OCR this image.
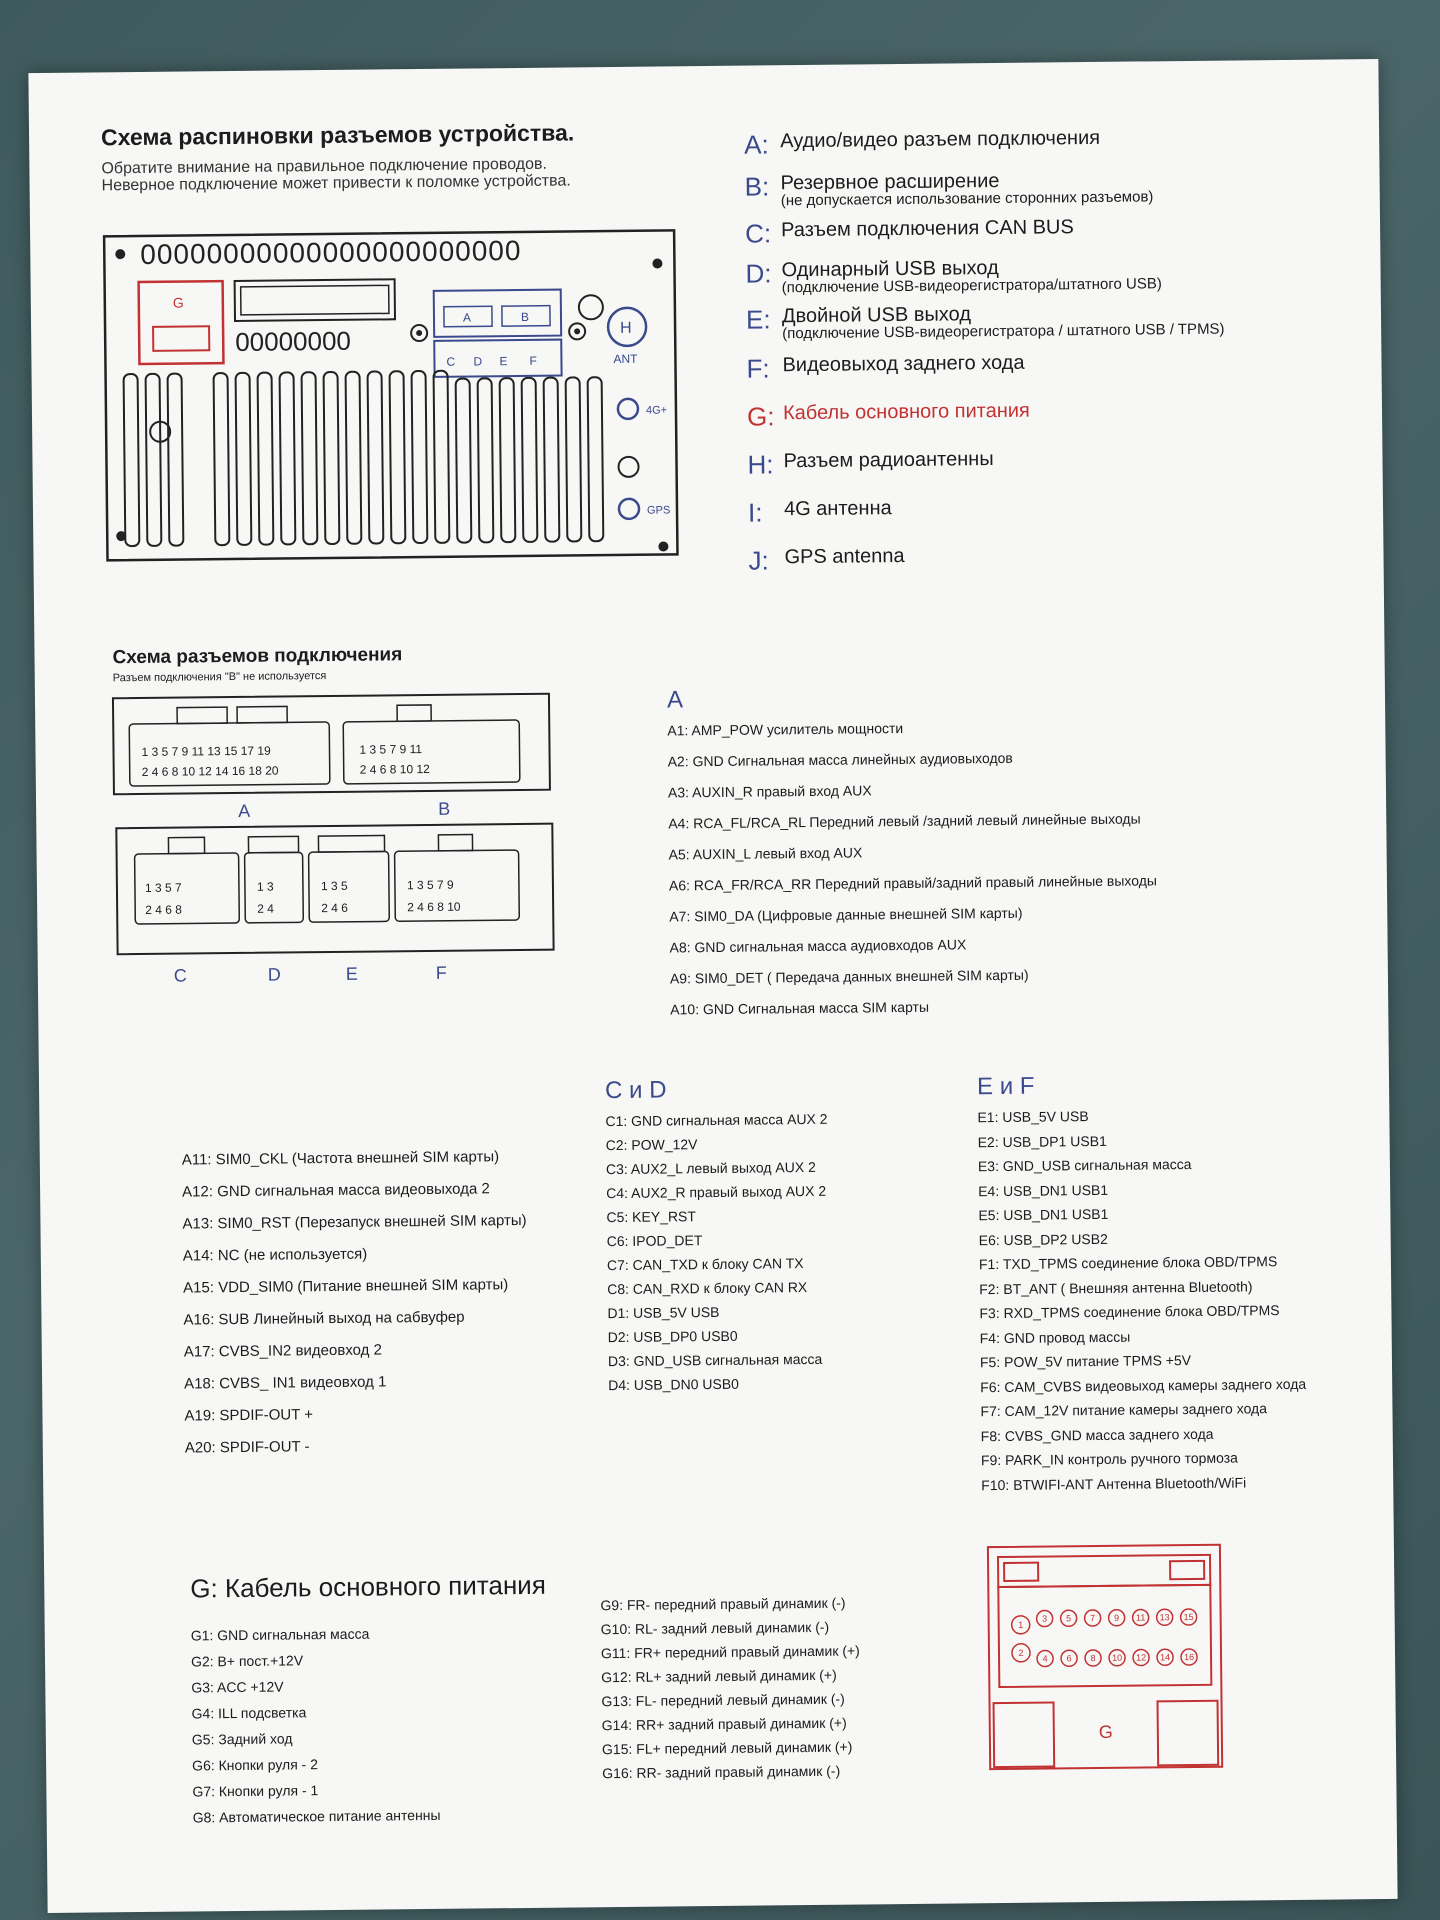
Схема распиновки разъемов устройства.
Обратите внимание на правильное подключение проводов.
Неверное подключение может привести к поломке устройства.
00000000000000000000000
G
00000000
A	B
C D E F
H
ANT
4G+
GPS
A: Аудио/видео разъем подключения
B: Резервное расширение
(не допускается использование сторонних разъемов)
C: Разъем подключения CAN BUS
D: Одинарный USB выход
(подключение USB-видеорегистратора/штатного USB)
E: Двойной USB выход
(подключение USB-видеорегистратора / штатного USB / TPMS)
F: Видеовыход заднего хода
G: Кабель основного питания
H: Разъем радиоантенны
I:	4G антенна
J: GPS antenna
Схема разъемов подключения
Разъем подключения "B" не используется
1 3 5 7 9 11 13 15 17 19
2 4 6 8 10 12 14 16 18 20
1 3 5 7 9 11
2 4 6 8 10 12
A	B
1 3 5 7
2 4 6 8
1 3
2 4
1 3 5
2 4 6
1 3 5 7 9
2 4 6 8 10
C	D	E	F
A
A1: AMP_POW усилитель мощности
A2: GND Сигнальная масса линейных аудиовыходов
A3: AUXIN_R правый вход AUX
A4: RCA_FL/RCA_RL Передний левый /задний левый линейные выходы
A5: AUXIN_L левый вход AUX
A6: RCA_FR/RCA_RR Передний правый/задний правый линейные выходы
A7: SIM0_DA (Цифровые данные внешней SIM карты)
A8: GND сигнальная масса аудиовходов AUX
A9: SIM0_DET ( Передача данных внешней SIM карты)
A10: GND Сигнальная масса SIM карты
A11: SIM0_CKL (Частота внешней SIM карты)
A12: GND сигнальная масса видеовыхода 2
A13: SIM0_RST (Перезапуск внешней SIM карты)
A14: NC (не используется)
A15: VDD_SIM0 (Питание внешней SIM карты)
A16: SUB Линейный выход на сабвуфер
A17: CVBS_IN2 видеовход 2
A18: CVBS_ IN1 видеовход 1
A19: SPDIF-OUT +
A20: SPDIF-OUT -
C и D
C1: GND сигнальная масса AUX 2
C2: POW_12V
C3: AUX2_L левый выход AUX 2
C4: AUX2_R правый выход AUX 2
C5: KEY_RST
C6: IPOD_DET
C7: CAN_TXD к блоку CAN TX
C8: CAN_RXD к блоку CAN RX
D1: USB_5V USB
D2: USB_DP0 USB0
D3: GND_USB сигнальная масса
D4: USB_DN0 USB0
E и F
E1: USB_5V USB
E2: USB_DP1 USB1
E3: GND_USB сигнальная масса
E4: USB_DN1 USB1
E5: USB_DN1 USB1
E6: USB_DP2 USB2
F1: TXD_TPMS соединение блока OBD/TPMS
F2: BT_ANT ( Внешняя антенна Bluetooth)
F3: RXD_TPMS соединение блока OBD/TPMS
F4: GND провод массы
F5: POW_5V питание TPMS +5V
F6: CAM_CVBS видеовыход камеры заднего хода
F7: CAM_12V питание камеры заднего хода
F8: CVBS_GND масса заднего хода
F9: PARK_IN контроль ручного тормоза
F10: BTWIFI-ANT Антенна Bluetooth/WiFi
G: Кабель основного питания
G1: GND сигнальная масса
G2: B+ пост.+12V
G3: ACC +12V
G4: ILL подсветка
G5: Задний ход
G6: Кнопки руля - 2
G7: Кнопки руля - 1
G8: Автоматическое питание антенны
G9: FR- передний правый динамик (-)
G10: RL- задний левый динамик (-)
G11: FR+ передний правый динамик (+)
G12: RL+ задний левый динамик (+)
G13: FL- передний левый динамик (-)
G14: RR+ задний правый динамик (+)
G15: FL+ передний левый динамик (+)
G16: RR- задний правый динамик (-)
1
2
3 5 7 9 11 13 15
4 6 8 10 12 14 16
G
